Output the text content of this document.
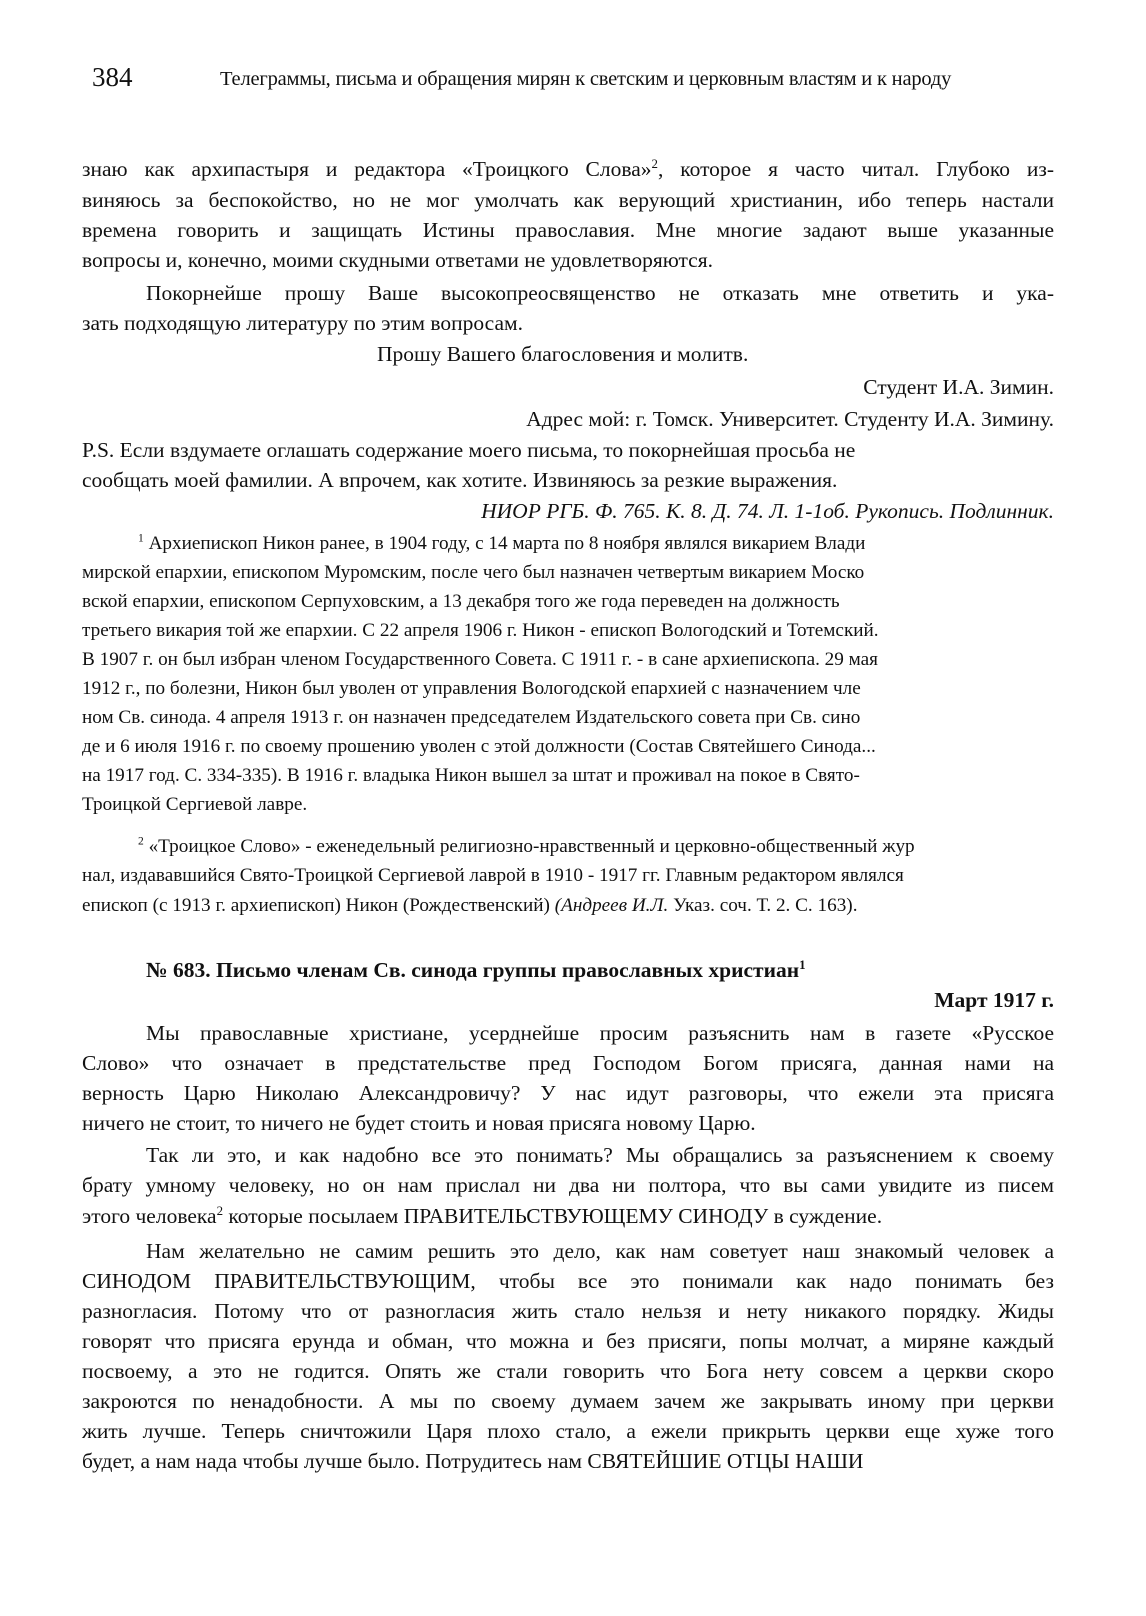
384	Телеграммы, письма и обращения мирян к светским и церковным властям и к народу
знаю как архипастыря и редактора «Троицкого Слова»$^2$, которое я часто читал. Глубоко из-
виняюсь за беспокойство, но не мог умолчать как верующий христианин, ибо теперь настали
времена говорить и защищать Истины православия. Мне многие задают выше указанные
вопросы и, конечно, моими скудными ответами не удовлетворяются.
Покорнейше прошу Ваше высокопреосвященство не отказать мне ответить и ука-
зать подходящую литературу по этим вопросам.
Прошу Вашего благословения и молитв.
Студент И.А. Зимин.
Адрес мой: г. Томск. Университет. Студенту И.А. Зимину.
P.S. Если вздумаете оглашать содержание моего письма, то покорнейшая просьба не
сообщать моей фамилии. А впрочем, как хотите. Извиняюсь за резкие выражения.
НИОР РГБ. Ф. 765. К. 8. Д. 74. Л. 1-1об. Рукопись. Подлинник.
$^1$ Архиепископ Никон ранее, в 1904 году, с 14 марта по 8 ноября являлся викарием Влади
мирской епархии, епископом Муромским, после чего был назначен четвертым викарием Моско
вской епархии, епископом Серпуховским, а 13 декабря того же года переведен на должность
третьего викария той же епархии. С 22 апреля 1906 г. Никон - епископ Вологодский и Тотемский.
В 1907 г. он был избран членом Государственного Совета. С 1911 г. - в сане архиепископа. 29 мая
1912 г., по болезни, Никон был уволен от управления Вологодской епархией с назначением чле
ном Св. синода. 4 апреля 1913 г. он назначен председателем Издательского совета при Св. сино
де и 6 июля 1916 г. по своему прошению уволен с этой должности (Состав Святейшего Синода...
на 1917 год. С. 334-335). В 1916 г. владыка Никон вышел за штат и проживал на покое в Свято-
Троицкой Сергиевой лавре.
$^2$ «Троицкое Слово» - еженедельный религиозно-нравственный и церковно-общественный жур
нал, издававшийся Свято-Троицкой Сергиевой лаврой в 1910 - 1917 гг. Главным редактором являлся
епископ (с 1913 г. архиепископ) Никон (Рождественский) (Андреев И.Л. Указ. соч. Т. 2. С. 163).
№ 683. Письмо членам Св. синода группы православных христиан$^1$
Март 1917 г.
Мы православные христиане, усерднейше просим разъяснить нам в газете «Русское
Слово» что означает в предстательстве пред Господом Богом присяга, данная нами на
верность Царю Николаю Александровичу? У нас идут разговоры, что ежели эта присяга
ничего не стоит, то ничего не будет стоить и новая присяга новому Царю.
Так ли это, и как надобно все это понимать? Мы обращались за разъяснением к своему
брату умному человеку, но он нам прислал ни два ни полтора, что вы сами увидите из писем
этого человека$^2$ которые посылаем ПРАВИТЕЛЬСТВУЮЩЕМУ СИНОДУ в суждение.
Нам желательно не самим решить это дело, как нам советует наш знакомый человек а
СИНОДОМ ПРАВИТЕЛЬСТВУЮЩИМ, чтобы все это понимали как надо понимать без
разногласия. Потому что от разногласия жить стало нельзя и нету никакого порядку. Жиды
говорят что присяга ерунда и обман, что можна и без присяги, попы молчат, а миряне каждый
посвоему, а это не годится. Опять же стали говорить что Бога нету совсем а церкви скоро
закроются по ненадобности. А мы по своему думаем зачем же закрывать иному при церкви
жить лучше. Теперь сничтожили Царя плохо стало, а ежели прикрыть церкви еще хуже того
будет, а нам нада чтобы лучше было. Потрудитесь нам СВЯТЕЙШИЕ ОТЦЫ НАШИ
